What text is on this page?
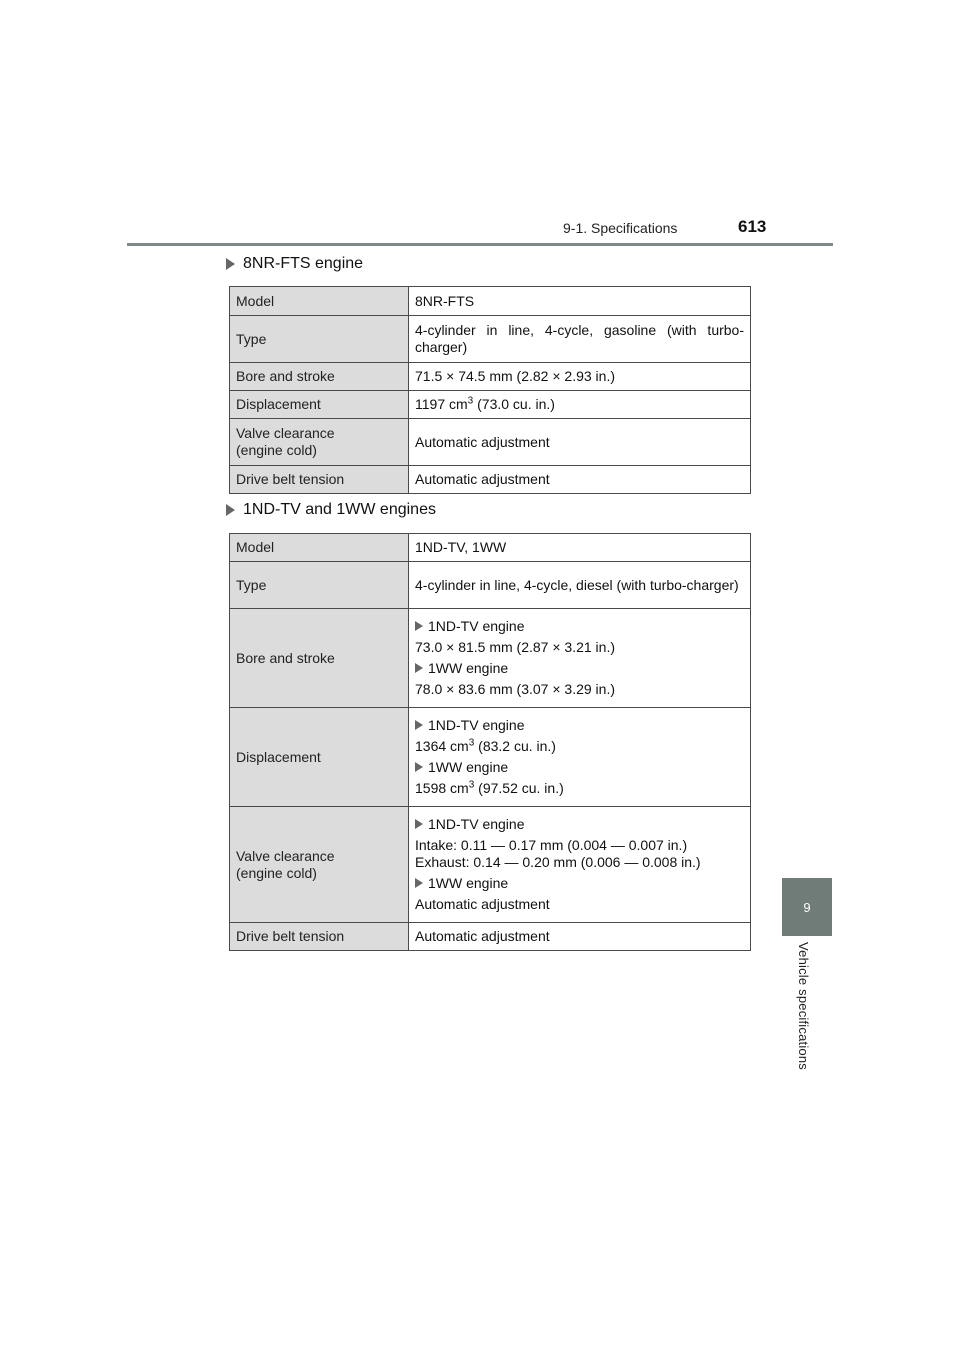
9-1. Specifications	613
9
Vehicle specifications
8NR-FTS engine
Model	8NR-FTS
Type	4-cylinder in line, 4-cycle, gasoline (with turbo-charger)
Bore and stroke	71.5 × 74.5 mm (2.82 × 2.93 in.)
Displacement	1197 $cm^3$ (73.0 cu. in.)
Valve clearance
(engine cold)	Automatic adjustment
Drive belt tension	Automatic adjustment
1ND-TV and 1WW engines
Model	1ND-TV, 1WW
Type	4-cylinder in line, 4-cycle, diesel (with turbo-charger)
Bore and stroke	1ND-TV engine
73.0 × 81.5 mm (2.87 × 3.21 in.)
1WW engine
78.0 × 83.6 mm (3.07 × 3.29 in.)

Displacement	1ND-TV engine
1364 $cm^3$ (83.2 cu. in.)
1WW engine
1598 $cm^3$ (97.52 cu. in.)

Valve clearance
(engine cold)	1ND-TV engine
Intake: 0.11 — 0.17 mm (0.004 — 0.007 in.)
Exhaust: 0.14 — 0.20 mm (0.006 — 0.008 in.)
1WW engine
Automatic adjustment

Drive belt tension	Automatic adjustment
